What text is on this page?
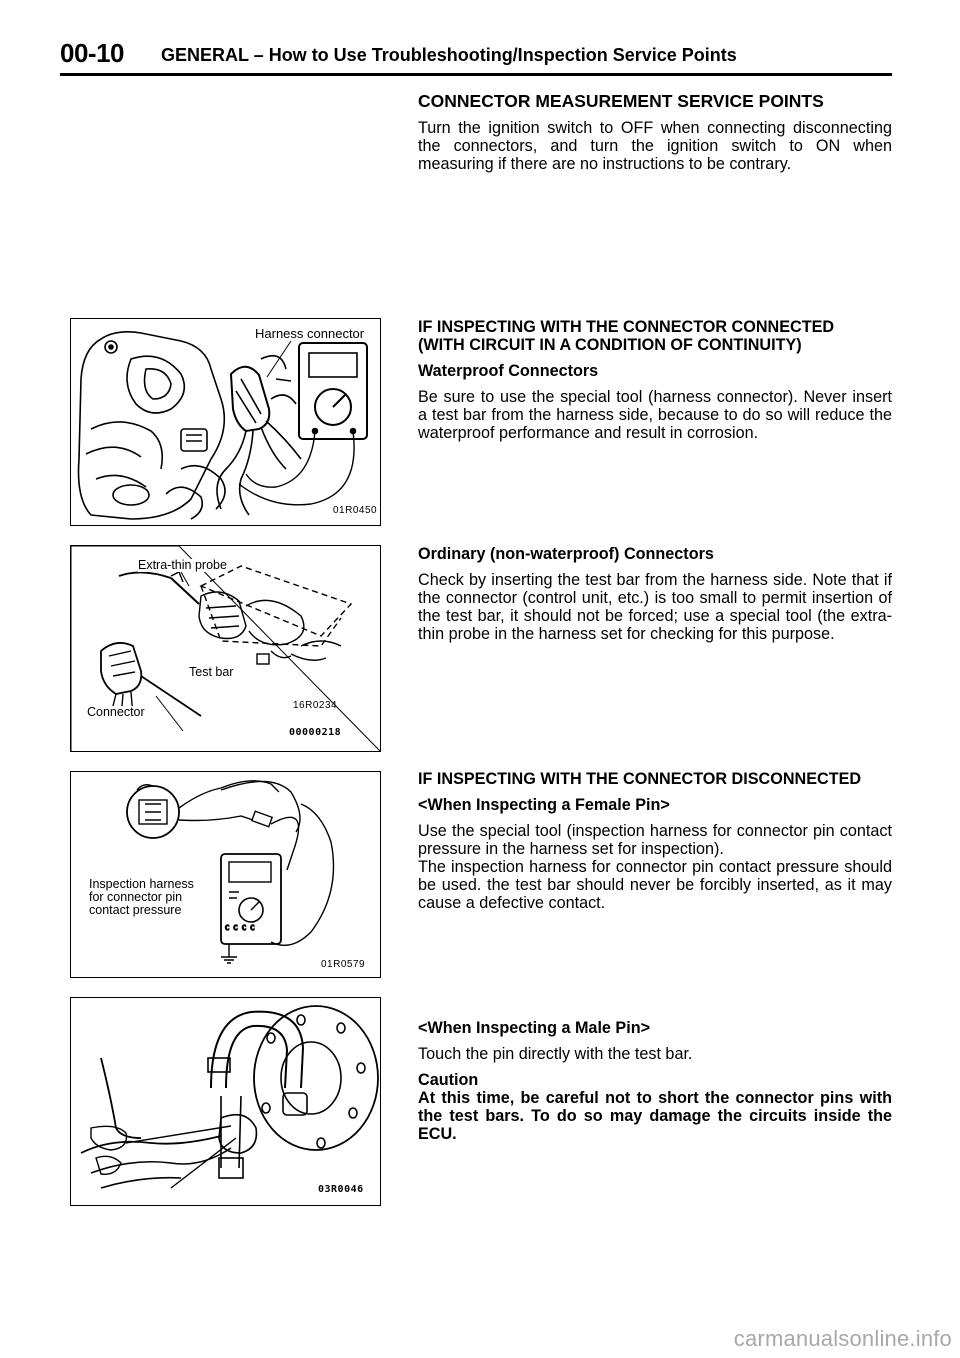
00-10 GENERAL – How to Use Troubleshooting/Inspection Service Points
CONNECTOR MEASUREMENT SERVICE POINTS

Turn the ignition switch to OFF when connecting disconnecting the connectors, and turn the ignition switch to ON when measuring if there are no instructions to be contrary.

IF INSPECTING WITH THE CONNECTOR CONNECTED
(WITH CIRCUIT IN A CONDITION OF CONTINUITY)
Waterproof Connectors

Be sure to use the special tool (harness connector). Never insert a test bar from the harness side, because to do so will reduce the waterproof performance and result in corrosion.

Ordinary (non-waterproof) Connectors

Check by inserting the test bar from the harness side. Note that if the connector (control unit, etc.) is too small to permit insertion of the test bar, it should not be forced; use a special tool (the extra-thin probe in the harness set for checking for this purpose.

IF INSPECTING WITH THE CONNECTOR DISCONNECTED
<When Inspecting a Female Pin>

Use the special tool (inspection harness for connector pin contact pressure in the harness set for inspection).

The inspection harness for connector pin contact pressure should be used. the test bar should never be forcibly inserted, as it may cause a defective contact.

<When Inspecting a Male Pin>

Touch the pin directly with the test bar.

Caution

At this time, be careful not to short the connector pins with the test bars. To do so may damage the circuits inside the ECU.

Harness connector
01R0450
Extra-thin probe
Test bar
Connector	16R0234
00000218
C C C C
Inspection harness
for connector pin
contact pressure
01R0579
03R0046
carmanualsonline.info
